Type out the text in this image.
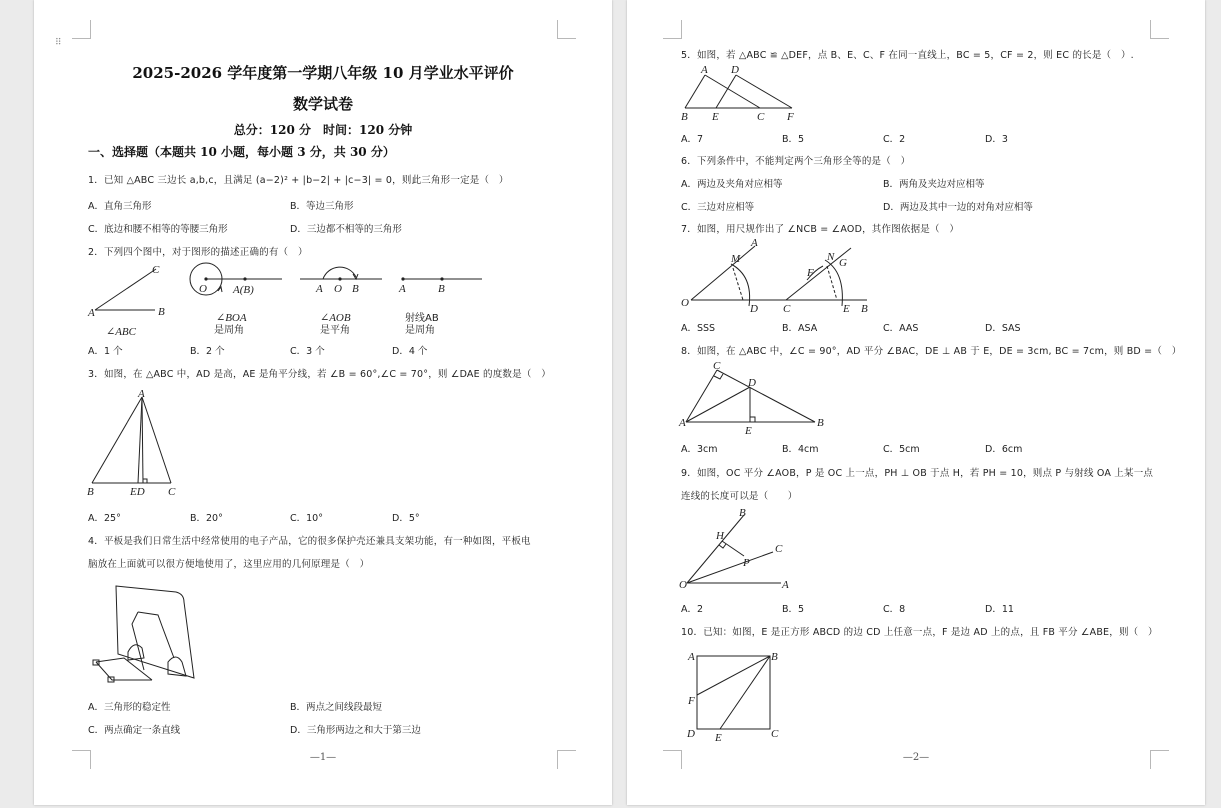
⠿
2025-2026 学年度第一学期八年级 10 月学业水平评价
数学试卷
总分：120 分　时间：120 分钟
一、选择题（本题共 10 小题，每小题 3 分，共 30 分）
1．已知 △ABC 三边长 a,b,c，且满足 (a−2)² + |b−2| + |c−3| = 0，则此三角形一定是（　）
A．直角三角形	B．等边三角形
C．底边和腰不相等的等腰三角形	D．三边都不相等的三角形
2．下列四个图中，对于图形的描述正确的有（　）
C
A	B
∠ABC
O A(B)
∠BOA
是周角
A O B
∠AOB
是平角
A	B
射线AB
是周角
A．1 个	B．2 个	C．3 个	D．4 个
3．如图，在 △ABC 中，AD 是高，AE 是角平分线，若 ∠B = 60°,∠C = 70°，则 ∠DAE 的度数是（　）
A
B	ED C
A．25°	B．20°	C．10°	D．5°
4．平板是我们日常生活中经常使用的电子产品，它的很多保护壳还兼具支架功能，有一种如图，平板电
脑放在上面就可以很方便地使用了，这里应用的几何原理是（　）
A．三角形的稳定性	B．两点之间线段最短
C．两点确定一条直线	D．三角形两边之和大于第三边
—1—
5．如图，若 △ABC ≌ △DEF，点 B、E、C、F 在同一直线上，BC = 5，CF = 2，则 EC 的长是（　）.
A D
B E	C F
A．7	B．5	C．2	D．3
6．下列条件中，不能判定两个三角形全等的是（　）
A．两边及夹角对应相等	B．两角及夹边对应相等
C．三边对应相等	D．两边及其中一边的对角对应相等
7．如图，用尺规作出了 ∠NCB = ∠AOD，其作图依据是（　）
A
M
O	D
N G
F
C	E B
A．SSS	B．ASA	C．AAS	D．SAS
8．如图，在 △ABC 中，∠C = 90°，AD 平分 ∠BAC，DE ⊥ AB 于 E，DE = 3cm, BC = 7cm，则 BD =（　）
C
D
A
E
B
A．3cm	B．4cm	C．5cm	D．6cm
9．如图，OC 平分 ∠AOB，P 是 OC 上一点，PH ⊥ OB 于点 H，若 PH = 10，则点 P 与射线 OA 上某一点
连线的长度可以是（　　）
B
H
C
P
O	A
A．2	B．5	C．8	D．11
10．已知：如图，E 是正方形 ABCD 的边 CD 上任意一点，F 是边 AD 上的点，且 FB 平分 ∠ABE，则（　）
A	B
F
D E	C
—2—
